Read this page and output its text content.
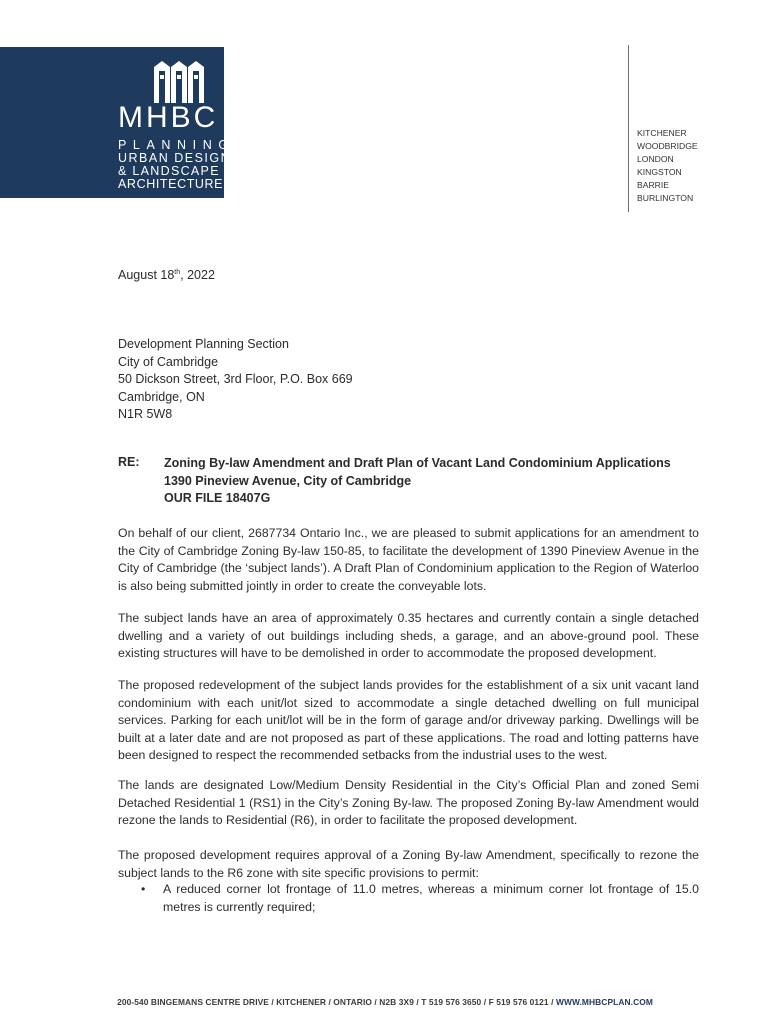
MHBC
PLANNING
URBAN DESIGN
& LANDSCAPE
ARCHITECTURE
KITCHENER
WOODBRIDGE
LONDON
KINGSTON
BARRIE
BURLINGTON
August 18th, 2022
Development Planning Section
City of Cambridge
50 Dickson Street, 3rd Floor, P.O. Box 669
Cambridge, ON
N1R 5W8
RE: Zoning By-law Amendment and Draft Plan of Vacant Land Condominium Applications
1390 Pineview Avenue, City of Cambridge
OUR FILE 18407G

On behalf of our client, 2687734 Ontario Inc., we are pleased to submit applications for an amendment to the City of Cambridge Zoning By-law 150-85, to facilitate the development of 1390 Pineview Avenue in the City of Cambridge (the ‘subject lands’). A Draft Plan of Condominium application to the Region of Waterloo is also being submitted jointly in order to create the conveyable lots.

The subject lands have an area of approximately 0.35 hectares and currently contain a single detached dwelling and a variety of out buildings including sheds, a garage, and an above-ground pool. These existing structures will have to be demolished in order to accommodate the proposed development.

The proposed redevelopment of the subject lands provides for the establishment of a six unit vacant land condominium with each unit/lot sized to accommodate a single detached dwelling on full municipal services. Parking for each unit/lot will be in the form of garage and/or driveway parking. Dwellings will be built at a later date and are not proposed as part of these applications. The road and lotting patterns have been designed to respect the recommended setbacks from the industrial uses to the west.

The lands are designated Low/Medium Density Residential in the City’s Official Plan and zoned Semi Detached Residential 1 (RS1) in the City’s Zoning By-law. The proposed Zoning By-law Amendment would rezone the lands to Residential (R6), in order to facilitate the proposed development.

The proposed development requires approval of a Zoning By-law Amendment, specifically to rezone the subject lands to the R6 zone with site specific provisions to permit:

• A reduced corner lot frontage of 11.0 metres, whereas a minimum corner lot frontage of 15.0 metres is currently required;
200-540 BINGEMANS CENTRE DRIVE / KITCHENER / ONTARIO / N2B 3X9 / T 519 576 3650 / F 519 576 0121 / WWW.MHBCPLAN.COM
